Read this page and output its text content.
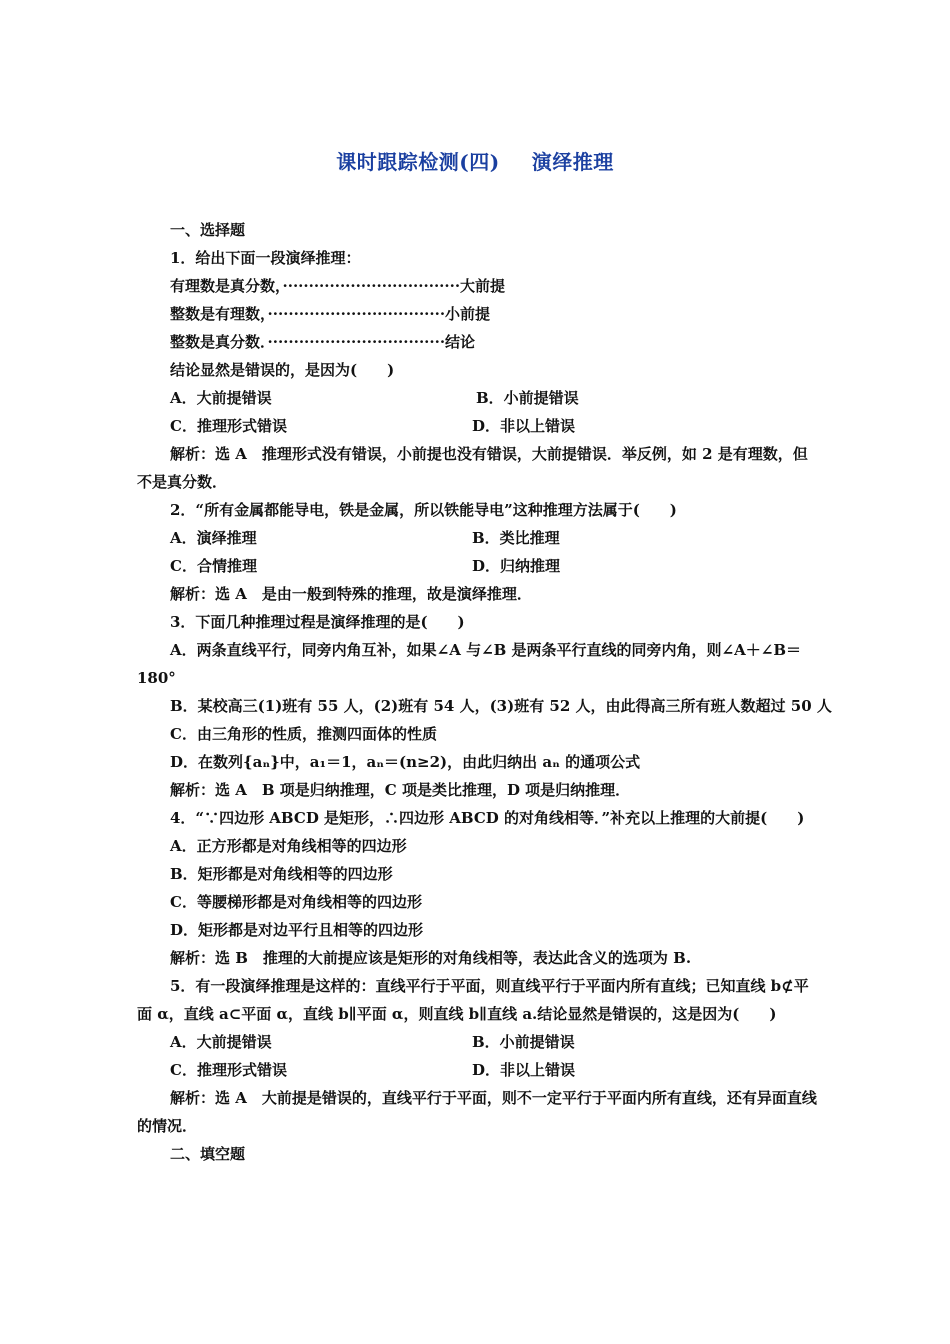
课时跟踪检测(四) 演绎推理
一、选择题
1．给出下面一段演绎推理：
有理数是真分数，··································大前提
整数是有理数，··································小前提
整数是真分数．··································结论
结论显然是错误的，是因为(　　)
A．大前提错误	B．小前提错误
C．推理形式错误	D．非以上错误
解析：选 A　推理形式没有错误，小前提也没有错误，大前提错误．举反例，如 2 是有理数，但不是真分数．
2．“所有金属都能导电，铁是金属，所以铁能导电”这种推理方法属于(　　)
A．演绎推理	B．类比推理
C．合情推理	D．归纳推理
解析：选 A　是由一般到特殊的推理，故是演绎推理．
3．下面几种推理过程是演绎推理的是(　　)
A．两条直线平行，同旁内角互补，如果∠A 与∠B 是两条平行直线的同旁内角，则∠A＋∠B＝180°
B．某校高三(1)班有 55 人，(2)班有 54 人，(3)班有 52 人，由此得高三所有班人数超过 50 人
C．由三角形的性质，推测四面体的性质
D．在数列{aₙ}中，a₁＝1，aₙ＝(n≥2)，由此归纳出 aₙ 的通项公式
解析：选 A　B 项是归纳推理，C 项是类比推理，D 项是归纳推理．
4．“∵四边形 ABCD 是矩形，∴四边形 ABCD 的对角线相等．”补充以上推理的大前提(　　)
A．正方形都是对角线相等的四边形
B．矩形都是对角线相等的四边形
C．等腰梯形都是对角线相等的四边形
D．矩形都是对边平行且相等的四边形
解析：选 B　推理的大前提应该是矩形的对角线相等，表达此含义的选项为 B.
5．有一段演绎推理是这样的：直线平行于平面，则直线平行于平面内所有直线；已知直线 b⊄平面 α，直线 a⊂平面 α，直线 b∥平面 α，则直线 b∥直线 a.结论显然是错误的，这是因为(　　)
A．大前提错误	B．小前提错误
C．推理形式错误	D．非以上错误
解析：选 A　大前提是错误的，直线平行于平面，则不一定平行于平面内所有直线，还有异面直线的情况．
二、填空题
